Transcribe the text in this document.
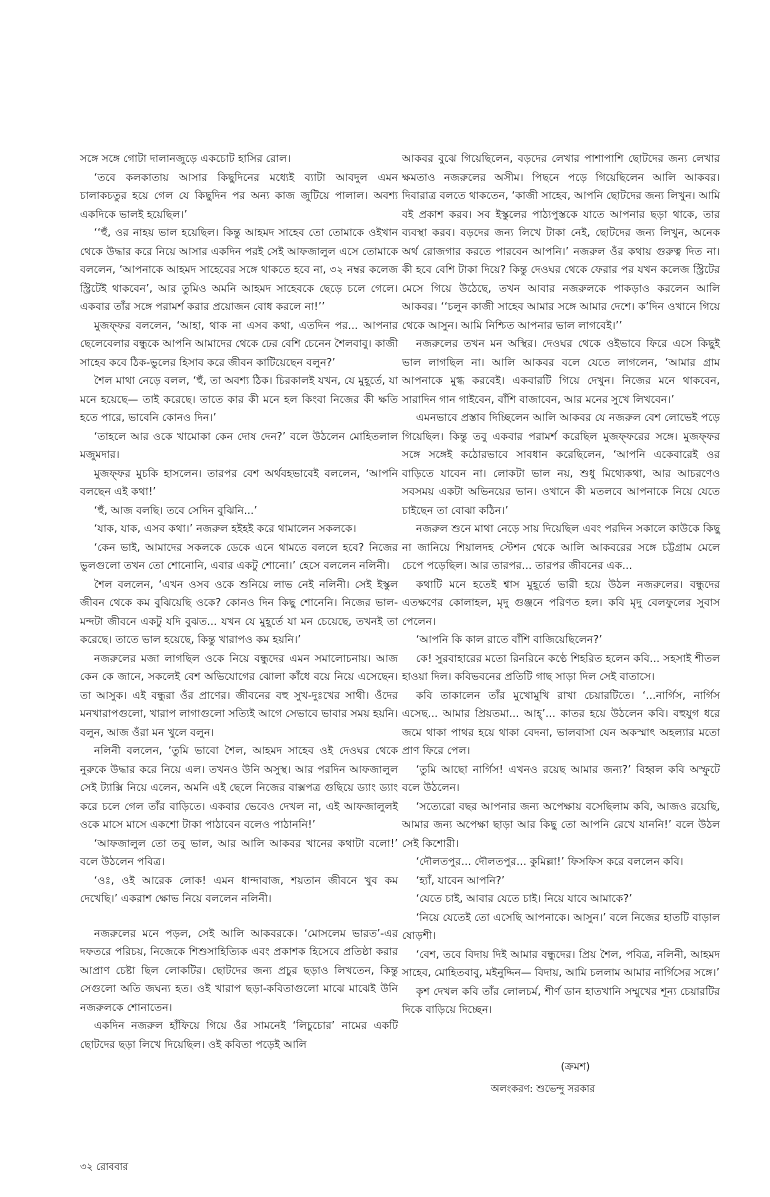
সঙ্গে সঙ্গে গোটা দালানজুড়ে একচোট হাসির রোল।

‘তবে কলকাতায় আসার কিছুদিনের মধ্যেই ব্যাটা আবদুল এমন চালাকচতুর হয়ে গেল যে কিছুদিন পর অন্য কাজ জুটিয়ে পালাল। অবশ্য একদিকে ভালই হয়েছিল।’

‘‘হুঁ, ওর নাহয় ভাল হয়েছিল। কিন্তু আহমদ সাহেব তো তোমাকে ওইখান থেকে উদ্ধার করে নিয়ে আসার একদিন পরই সেই আফজালুল এসে তোমাকে বললেন, ‘আপনাকে আহমদ সাহেবের সঙ্গে থাকতে হবে না, ৩২ নম্বর কলেজ স্ট্রিটেই থাকবেন’, আর তুমিও অমনি আহমদ সাহেবকে ছেড়ে চলে গেলে। একবার তাঁর সঙ্গে পরামর্শ করার প্রয়োজন বোধ করলে না!’’

মুজফ্‌ফর বললেন, ‘আহা, থাক না এসব কথা, এতদিন পর... আপনার ছেলেবেলার বন্ধুকে আপনি আমাদের থেকে ঢের বেশি চেনেন শৈলবাবু। কাজী সাহেব কবে ঠিক-ভুলের হিসাব করে জীবন কাটিয়েছেন বলুন?’

শৈল মাথা নেড়ে বলল, ‘হুঁ, তা অবশ্য ঠিক। চিরকালই যখন, যে মুহূর্তে, যা মনে হয়েছে— তাই করেছে। তাতে কার কী মনে হল কিংবা নিজের কী ক্ষতি হতে পারে, ভাবেনি কোনও দিন।’

‘তাহলে আর ওকে খামোকা কেন দোষ দেন?’ বলে উঠলেন মোহিতলাল মজুমদার।

মুজফ্‌ফর মুচকি হাসলেন। তারপর বেশ অর্থবহভাবেই বললেন, ‘আপনি বলছেন এই কথা!’

‘হুঁ, আজ বলছি। তবে সেদিন বুঝিনি...’

‘যাক, যাক, এসব কথা।’ নজরুল হইহই করে থামালেন সকলকে।

‘কেন ভাই, আমাদের সকলকে ডেকে এনে থামতে বললে হবে? নিজের ভুলগুলো তখন তো শোনোনি, এবার একটু শোনো।’ হেসে বললেন নলিনী।

শৈল বললেন, ‘এখন ওসব ওকে শুনিয়ে লাভ নেই নলিনী। সেই ইস্কুল জীবন থেকে কম বুঝিয়েছি ওকে? কোনও দিন কিছু শোনেনি। নিজের ভাল-মন্দটা জীবনে একটু যদি বুঝত... যখন যে মুহূর্তে যা মন চেয়েছে, তখনই তা করেছে। তাতে ভাল হয়েছে, কিন্তু খারাপও কম হয়নি।’

নজরুলের মজা লাগছিল ওকে নিয়ে বন্ধুদের এমন সমালোচনায়। আজ কেন কে জানে, সকলেই বেশ অভিযোগের ঝোলা কাঁধে বয়ে নিয়ে এসেছেন। তা আসুক। এই বন্ধুরা ওঁর প্রাণের। জীবনের বহু সুখ-দুঃখের সাথী। ওঁদের মনখারাপগুলো, খারাপ লাগাগুলো সত্যিই আগে সেভাবে ভাবার সময় হয়নি। বলুন, আজ ওঁরা মন খুলে বলুন।

নলিনী বললেন, ‘তুমি ভাবো শৈল, আহমদ সাহেব ওই দেওঘর থেকে নুরুকে উদ্ধার করে নিয়ে এল। তখনও উনি অসুস্থ। আর পরদিন আফজালুল সেই ট্যাক্সি নিয়ে এলেন, অমনি এই ছেলে নিজের বাক্সপত্র গুছিয়ে ড্যাং ড্যাং করে চলে গেল তাঁর বাড়িতে। একবার ভেবেও দেখল না, এই আফজালুলই ওকে মাসে মাসে একশো টাকা পাঠাবেন বলেও পাঠাননি!’

‘আফজালুল তো তবু ভাল, আর আলি আকবর খানের কথাটা বলো!’ বলে উঠলেন পবিত্র।

‘ওঃ, ওই আরেক লোক! এমন ধান্দাবাজ, শয়তান জীবনে খুব কম দেখেছি।’ একরাশ ক্ষোভ নিয়ে বললেন নলিনী।

নজরুলের মনে পড়ল, সেই আলি আকবরকে। ‘মোসলেম ভারত’-এর দফতরে পরিচয়, নিজেকে শিশুসাহিত্যিক এবং প্রকাশক হিসেবে প্রতিষ্ঠা করার আপ্রাণ চেষ্টা ছিল লোকটির। ছোটদের জন্য প্রচুর ছড়াও লিখতেন, কিন্তু সেগুলো অতি জঘন্য হত। ওই খারাপ ছড়া-কবিতাগুলো মাঝে মাঝেই উনি নজরুলকে শোনাতেন।

একদিন নজরুল হাঁফিয়ে গিয়ে ওঁর সামনেই ‘লিচুচোর’ নামের একটি ছোটদের ছড়া লিখে দিয়েছিল। ওই কবিতা পড়েই আলি

আকবর বুঝে গিয়েছিলেন, বড়দের লেখার পাশাপাশি ছোটদের জন্য লেখার ক্ষমতাও নজরুলের অসীম। পিছনে পড়ে গিয়েছিলেন আলি আকবর। দিবারাত্র বলতে থাকতেন, ‘কাজী সাহেব, আপনি ছোটদের জন্য লিখুন। আমি বই প্রকাশ করব। সব ইস্কুলের পাঠ্যপুস্তকে যাতে আপনার ছড়া থাকে, তার ব্যবস্থা করব। বড়দের জন্য লিখে টাকা নেই, ছোটদের জন্য লিখুন, অনেক অর্থ রোজগার করতে পারবেন আপনি।’ নজরুল ওঁর কথায় গুরুত্ব দিত না। কী হবে বেশি টাকা দিয়ে? কিন্তু দেওঘর থেকে ফেরার পর যখন কলেজ স্ট্রিটের মেসে গিয়ে উঠেছে, তখন আবার নজরুলকে পাকড়াও করলেন আলি আকবর। ‘‘চলুন কাজী সাহেব আমার সঙ্গে আমার দেশে। ক’দিন ওখানে গিয়ে থেকে আসুন। আমি নিশ্চিত আপনার ভাল লাগবেই।’’

নজরুলের তখন মন অস্থির। দেওঘর থেকে ওইভাবে ফিরে এসে কিছুই ভাল লাগছিল না। আলি আকবর বলে যেতে লাগলেন, ‘আমার গ্রাম আপনাকে মুগ্ধ করবেই। একবারটি গিয়ে দেখুন। নিজের মনে থাকবেন, সারাদিন গান গাইবেন, বাঁশি বাজাবেন, আর মনের সুখে লিখবেন।’

এমনভাবে প্রস্তাব দিচ্ছিলেন আলি আকবর যে নজরুল বেশ লোভেই পড়ে গিয়েছিল। কিন্তু তবু একবার পরামর্শ করেছিল মুজফ্‌ফরের সঙ্গে। মুজফ্‌ফর সঙ্গে সঙ্গেই কঠোরভাবে সাবধান করেছিলেন, ‘আপনি একেবারেই ওর বাড়িতে যাবেন না। লোকটা ভাল নয়, শুধু মিথ্যেকথা, আর আচরণেও সবসময় একটা অভিনয়ের ভান। ওখানে কী মতলবে আপনাকে নিয়ে যেতে চাইছেন তা বোঝা কঠিন।’

নজরুল শুনে মাথা নেড়ে সায় দিয়েছিল এবং পরদিন সকালে কাউকে কিছু না জানিয়ে শিয়ালদহ স্টেশন থেকে আলি আকবরের সঙ্গে চট্টগ্রাম মেলে চেপে পড়েছিল। আর তারপর... তারপর জীবনের এক...

কথাটি মনে হতেই শ্বাস মুহূর্তে ভারী হয়ে উঠল নজরুলের। বন্ধুদের এতক্ষণের কোলাহল, মৃদু গুঞ্জনে পরিণত হল। কবি মৃদু বেলফুলের সুবাস পেলেন।

‘আপনি কি কাল রাতে বাঁশি বাজিয়েছিলেন?’

কে! সুরবাহারের মতো রিনরিনে কণ্ঠে শিহরিত হলেন কবি... সহসাই শীতল হাওয়া দিল। কবিভবনের প্রতিটি গাছ সাড়া দিল সেই বাতাসে।

কবি তাকালেন তাঁর মুখোমুখি রাখা চেয়ারটিতে। ‘...নার্গিস, নার্গিস এসেছ... আমার প্রিয়তমা... আহ্‌’... কাতর হয়ে উঠলেন কবি। বহুযুগ ধরে জমে থাকা পাথর হয়ে থাকা বেদনা, ভালবাসা যেন অকস্মাৎ অহল্যার মতো প্রাণ ফিরে পেল।

‘তুমি আছো নার্গিস! এখনও রয়েছ আমার জন্য?’ বিহ্বল কবি অস্ফুটে বলে উঠলেন।

‘সত্যেরো বছর আপনার জন্য অপেক্ষায় বসেছিলাম কবি, আজও রয়েছি, আমার জন্য অপেক্ষা ছাড়া আর কিছু তো আপনি রেখে যাননি!’ বলে উঠল সেই কিশোরী।

‘দৌলতপুর... দৌলতপুর... কুমিল্লা!’ ফিসফিস করে বললেন কবি।

‘হ্যাঁ, যাবেন আপনি?’

‘যেতে চাই, আবার যেতে চাই। নিয়ে যাবে আমাকে?’

‘নিয়ে যেতেই তো এসেছি আপনাকে। আসুন।’ বলে নিজের হাতটি বাড়াল ষোড়শী।

‘বেশ, তবে বিদায় দিই আমার বন্ধুদের। প্রিয় শৈল, পবিত্র, নলিনী, আহমদ সাহেব, মোহিতবাবু, মইনুদ্দিন— বিদায়, আমি চললাম আমার নার্গিসের সঙ্গে।’

কৃশ দেখল কবি তাঁর লোলচর্ম, শীর্ণ ডান হাতখানি সম্মুখের শূন্য চেয়ারটির দিকে বাড়িয়ে দিচ্ছেন।

(ক্রমশ)
অলংকরণ: শুভেন্দু সরকার
৩২ রোববার
